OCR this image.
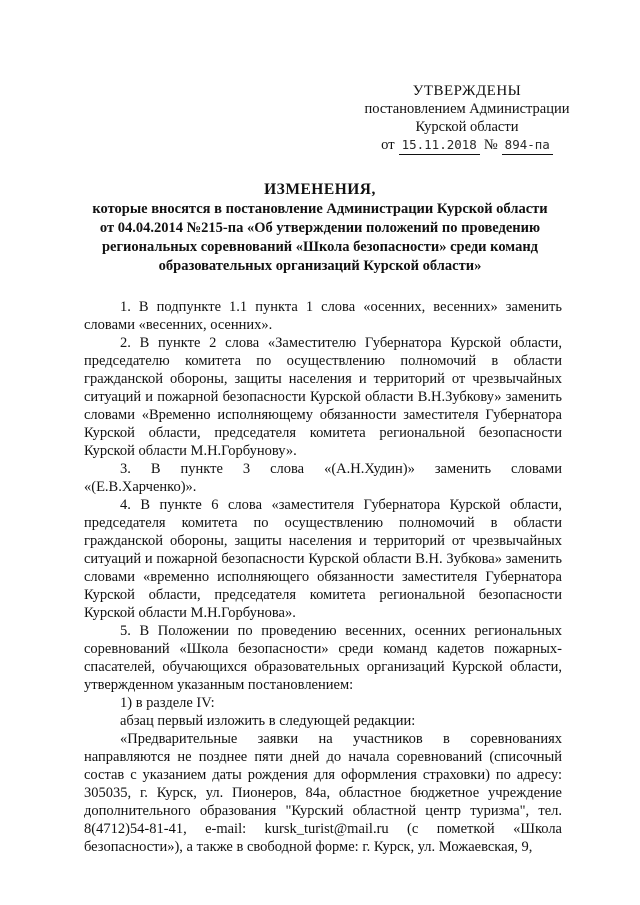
УТВЕРЖДЕНЫ
постановлением Администрации
Курской области
от 15.11.2018 № 894-па
ИЗМЕНЕНИЯ,
которые вносятся в постановление Администрации Курской области
от 04.04.2014 №215-па «Об утверждении положений по проведению
региональных соревнований «Школа безопасности» среди команд
образовательных организаций Курской области»

1. В подпункте 1.1 пункта 1 слова «осенних, весенних» заменить словами «весенних, осенних».

2. В пункте 2 слова «Заместителю Губернатора Курской области, председателю комитета по осуществлению полномочий в области гражданской обороны, защиты населения и территорий от чрезвычайных ситуаций и пожарной безопасности Курской области В.Н.Зубкову» заменить словами «Временно исполняющему обязанности заместителя Губернатора Курской области, председателя комитета региональной безопасности Курской области М.Н.Горбунову».

3. В пункте 3 слова «(А.Н.Худин)» заменить словами «(Е.В.Харченко)».

4. В пункте 6 слова «заместителя Губернатора Курской области, председателя комитета по осуществлению полномочий в области гражданской обороны, защиты населения и территорий от чрезвычайных ситуаций и пожарной безопасности Курской области В.Н. Зубкова» заменить словами «временно исполняющего обязанности заместителя Губернатора Курской области, председателя комитета региональной безопасности Курской области М.Н.Горбунова».

5. В Положении по проведению весенних, осенних региональных соревнований «Школа безопасности» среди команд кадетов пожарных-спасателей, обучающихся образовательных организаций Курской области, утвержденном указанным постановлением:

1) в разделе IV:

абзац первый изложить в следующей редакции:

«Предварительные заявки на участников в соревнованиях направляются не позднее пяти дней до начала соревнований (списочный состав с указанием даты рождения для оформления страховки) по адресу: 305035, г. Курск, ул. Пионеров, 84а, областное бюджетное учреждение дополнительного образования "Курский областной центр туризма", тел. 8(4712)54-81-41, e-mail: kursk_turist@mail.ru (с пометкой «Школа безопасности»), а также в свободной форме: г. Курск, ул. Можаевская, 9,
